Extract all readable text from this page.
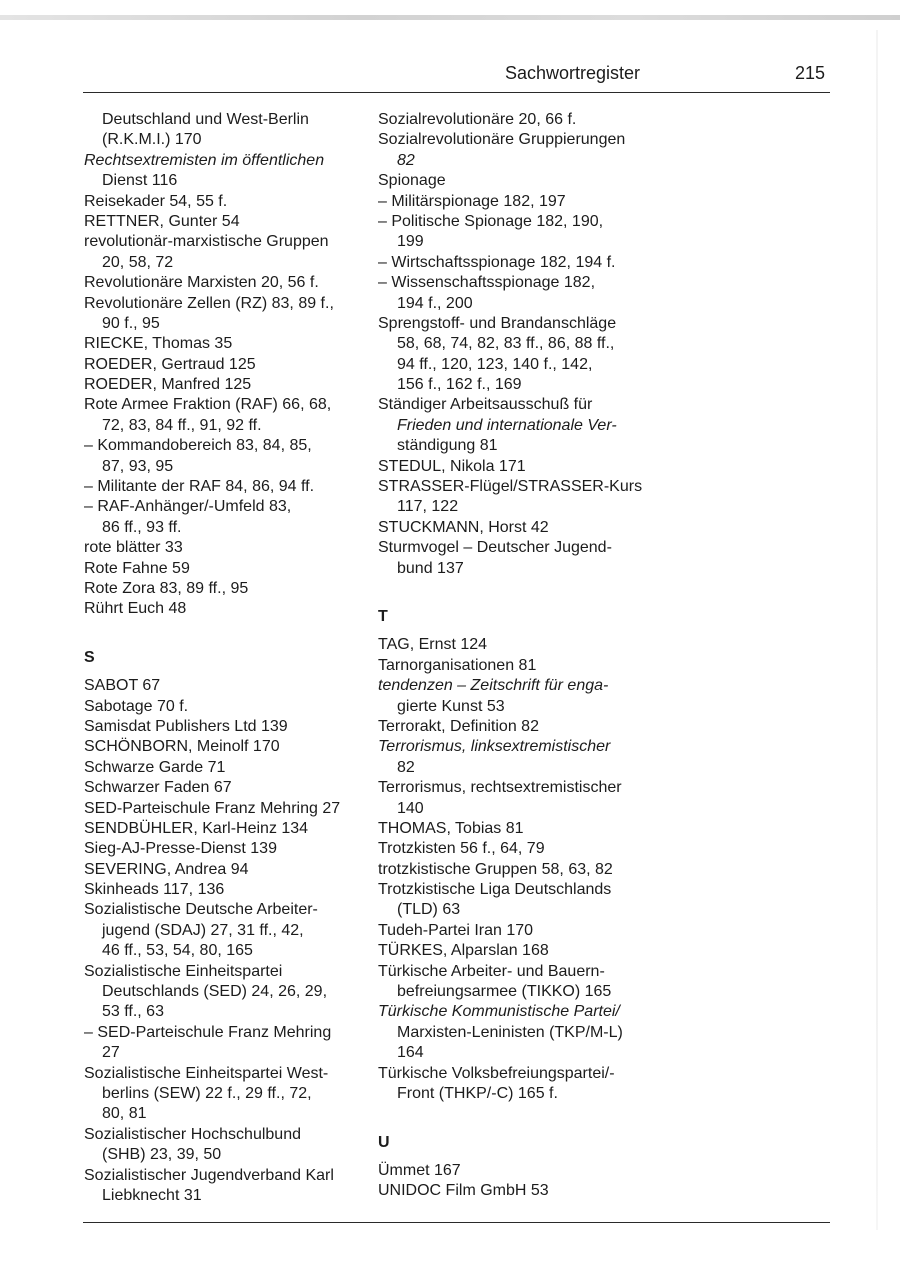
Sachwortregister	215
Deutschland und West-Berlin
(R.K.M.I.) 170
Rechtsextremisten im öffentlichen
Dienst 116
Reisekader 54, 55 f.
RETTNER, Gunter 54
revolutionär-marxistische Gruppen
20, 58, 72
Revolutionäre Marxisten 20, 56 f.
Revolutionäre Zellen (RZ) 83, 89 f.,
90 f., 95
RIECKE, Thomas 35
ROEDER, Gertraud 125
ROEDER, Manfred 125
Rote Armee Fraktion (RAF) 66, 68,
72, 83, 84 ff., 91, 92 ff.
– Kommandobereich 83, 84, 85,
87, 93, 95
– Militante der RAF 84, 86, 94 ff.
– RAF-Anhänger/-Umfeld 83,
86 ff., 93 ff.
rote blätter 33
Rote Fahne 59
Rote Zora 83, 89 ff., 95
Rührt Euch 48
S
SABOT 67
Sabotage 70 f.
Samisdat Publishers Ltd 139
SCHÖNBORN, Meinolf 170
Schwarze Garde 71
Schwarzer Faden 67
SED-Parteischule Franz Mehring 27
SENDBÜHLER, Karl-Heinz 134
Sieg-AJ-Presse-Dienst 139
SEVERING, Andrea 94
Skinheads 117, 136
Sozialistische Deutsche Arbeiter-
jugend (SDAJ) 27, 31 ff., 42,
46 ff., 53, 54, 80, 165
Sozialistische Einheitspartei
Deutschlands (SED) 24, 26, 29,
53 ff., 63
– SED-Parteischule Franz Mehring
27
Sozialistische Einheitspartei West-
berlins (SEW) 22 f., 29 ff., 72,
80, 81
Sozialistischer Hochschulbund
(SHB) 23, 39, 50
Sozialistischer Jugendverband Karl
Liebknecht 31
Sozialrevolutionäre 20, 66 f.
Sozialrevolutionäre Gruppierungen
82
Spionage
– Militärspionage 182, 197
– Politische Spionage 182, 190,
199
– Wirtschaftsspionage 182, 194 f.
– Wissenschaftsspionage 182,
194 f., 200
Sprengstoff- und Brandanschläge
58, 68, 74, 82, 83 ff., 86, 88 ff.,
94 ff., 120, 123, 140 f., 142,
156 f., 162 f., 169
Ständiger Arbeitsausschuß für
Frieden und internationale Ver-
ständigung 81
STEDUL, Nikola 171
STRASSER-Flügel/STRASSER-Kurs
117, 122
STUCKMANN, Horst 42
Sturmvogel – Deutscher Jugend-
bund 137
T
TAG, Ernst 124
Tarnorganisationen 81
tendenzen – Zeitschrift für enga-
gierte Kunst 53
Terrorakt, Definition 82
Terrorismus, linksextremistischer
82
Terrorismus, rechtsextremistischer
140
THOMAS, Tobias 81
Trotzkisten 56 f., 64, 79
trotzkistische Gruppen 58, 63, 82
Trotzkistische Liga Deutschlands
(TLD) 63
Tudeh-Partei Iran 170
TÜRKES, Alparslan 168
Türkische Arbeiter- und Bauern-
befreiungsarmee (TIKKO) 165
Türkische Kommunistische Partei/
Marxisten-Leninisten (TKP/M-L)
164
Türkische Volksbefreiungspartei/-
Front (THKP/-C) 165 f.
U
Ümmet 167
UNIDOC Film GmbH 53
